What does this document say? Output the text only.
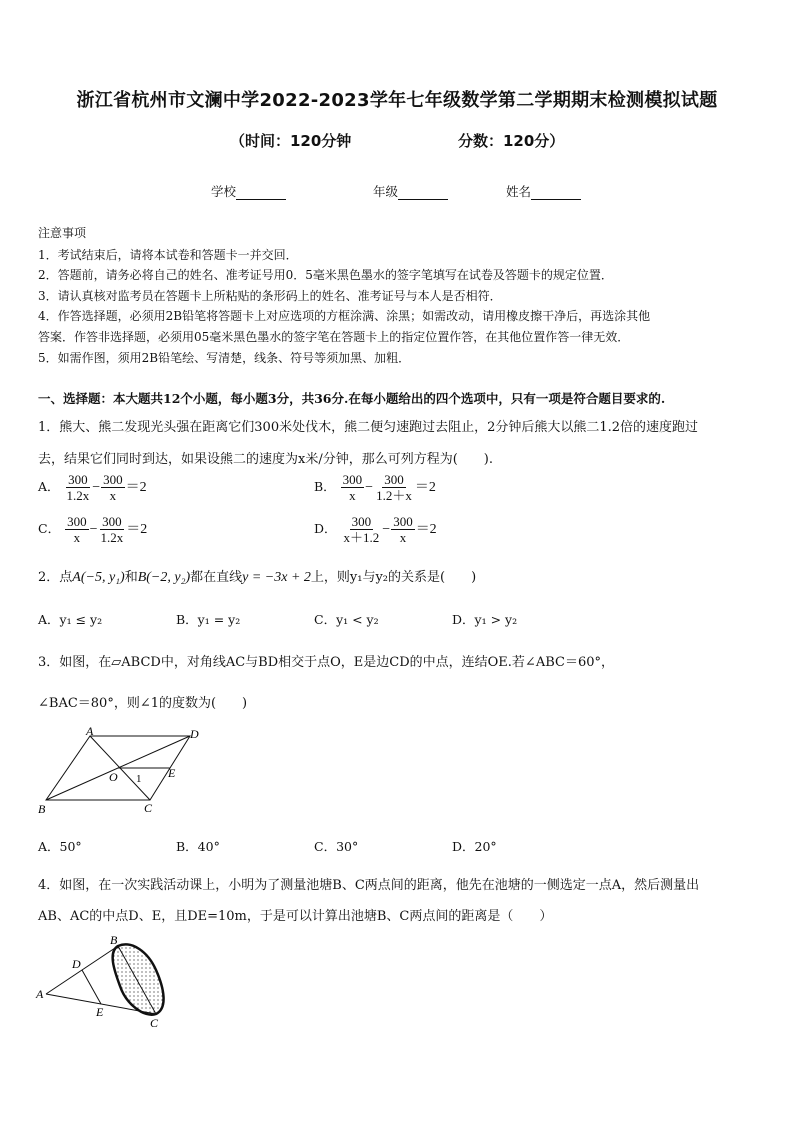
浙江省杭州市文澜中学2022-2023学年七年级数学第二学期期末检测模拟试题
（时间：120分钟	分数：120分）
学校	年级	姓名
注意事项
1．考试结束后，请将本试卷和答题卡一并交回．
2．答题前，请务必将自己的姓名、准考证号用0．5毫米黑色墨水的签字笔填写在试卷及答题卡的规定位置．
3．请认真核对监考员在答题卡上所粘贴的条形码上的姓名、准考证号与本人是否相符．
4．作答选择题，必须用2B铅笔将答题卡上对应选项的方框涂满、涂黑；如需改动，请用橡皮擦干净后，再选涂其他
答案．作答非选择题，必须用05毫米黑色墨水的签字笔在答题卡上的指定位置作答，在其他位置作答一律无效．
5．如需作图，须用2B铅笔绘、写清楚，线条、符号等须加黑、加粗．
一、选择题：本大题共12个小题，每小题3分，共36分.在每小题给出的四个选项中，只有一项是符合题目要求的.
1．熊大、熊二发现光头强在距离它们300米处伐木，熊二便匀速跑过去阻止，2分钟后熊大以熊二1.2倍的速度跑过
去，结果它们同时到达，如果设熊二的速度为x米/分钟，那么可列方程为(　　).
A． $\frac{300}{1.2x} - \frac{300}{x} =2$	B． $\frac{300}{x} - \frac{300}{1.2+x} =2$
C． $\frac{300}{x} - \frac{300}{1.2x} =2$	D． $\frac{300}{x+1.2} - \frac{300}{x} =2$
2．点A(−5, y₁)和B(−2, y₂)都在直线y = −3x + 2上，则y₁与y₂的关系是(　　)
A．y₁ ≤ y₂	B．y₁ = y₂	C．y₁ < y₂	D．y₁ > y₂
3．如图，在▱ABCD中，对角线AC与BD相交于点O，E是边CD的中点，连结OE.若∠ABC＝60°，
∠BAC＝80°，则∠1的度数为(　　)
A	D
B	C
O	E
1
A．50°	B．40°	C．30°	D．20°
4．如图，在一次实践活动课上，小明为了测量池塘B、C两点间的距离，他先在池塘的一侧选定一点A，然后测量出
AB、AC的中点D、E，且DE=10m，于是可以计算出池塘B、C两点间的距离是（　　）
A
B
C
D
E
